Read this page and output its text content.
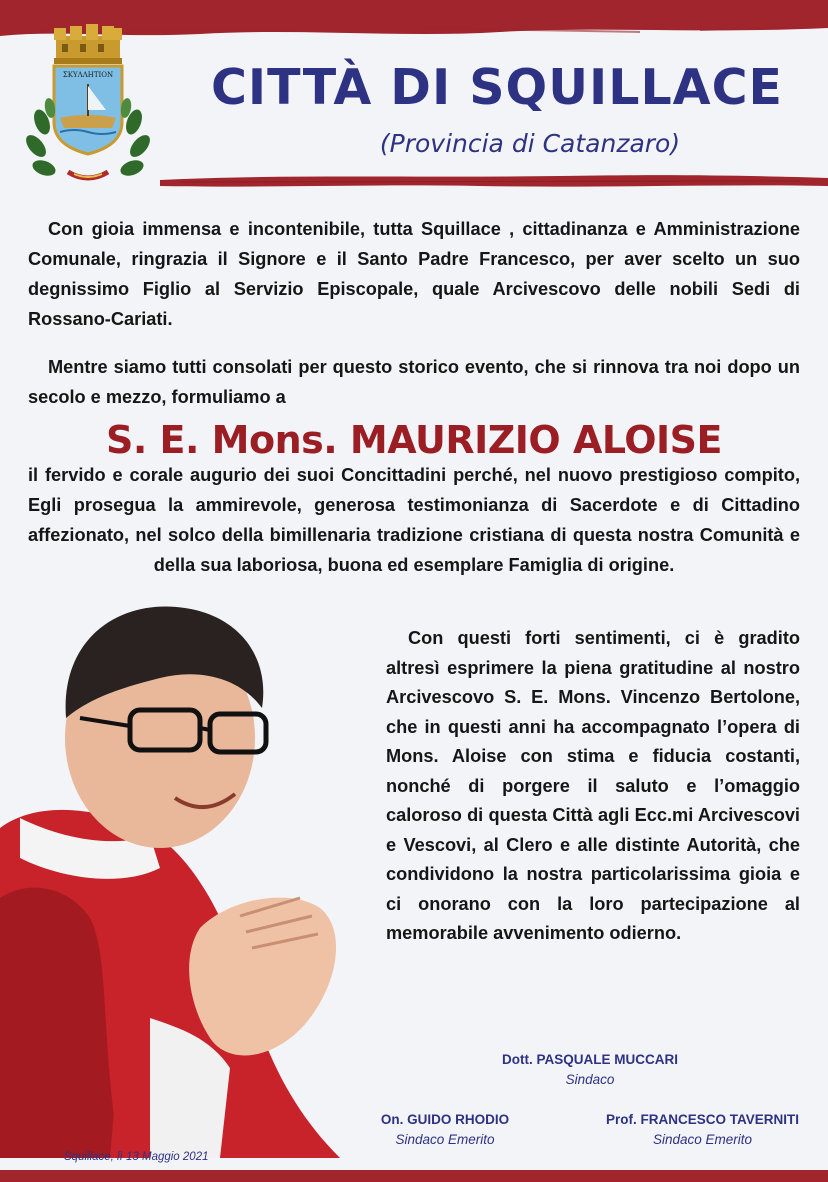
ΣΚΥΛΛΗΤΙΟΝ	CITTÀ DI SQUILLACE
(Provincia di Catanzaro)
Con gioia immensa e incontenibile, tutta Squillace , cittadinanza e Amministrazione Comunale, ringrazia il Signore e il Santo Padre Francesco, per aver scelto un suo degnissimo Figlio al Servizio Episcopale, quale Arcivescovo delle nobili Sedi di Rossano-Cariati.
Mentre siamo tutti consolati per questo storico evento, che si rinnova tra noi dopo un secolo e mezzo, formuliamo a
S. E. Mons. MAURIZIO ALOISE
il fervido e corale augurio dei suoi Concittadini perché, nel nuovo prestigioso compito, Egli prosegua la ammirevole, generosa testimonianza di Sacerdote e di Cittadino affezionato, nel solco della bimillenaria tradizione cristiana di questa nostra Comunità e della sua laboriosa, buona ed esemplare Famiglia di origine.
Con questi forti sentimenti, ci è gradito altresì esprimere la piena gratitudine al nostro Arcivescovo S. E. Mons. Vincenzo Bertolone, che in questi anni ha accompagnato l’opera di Mons. Aloise con stima e fiducia costanti, nonché di porgere il saluto e l’omaggio caloroso di questa Città agli Ecc.mi Arcivescovi e Vescovi, al Clero e alle distinte Autorità, che condividono la nostra particolarissima gioia e ci onorano con la loro partecipazione al memorabile avvenimento odierno.
Dott. PASQUALE MUCCARI
Sindaco
On. GUIDO RHODIO
Sindaco Emerito
Prof. FRANCESCO TAVERNITI
Sindaco Emerito
Squillace, lì 13 Maggio 2021
